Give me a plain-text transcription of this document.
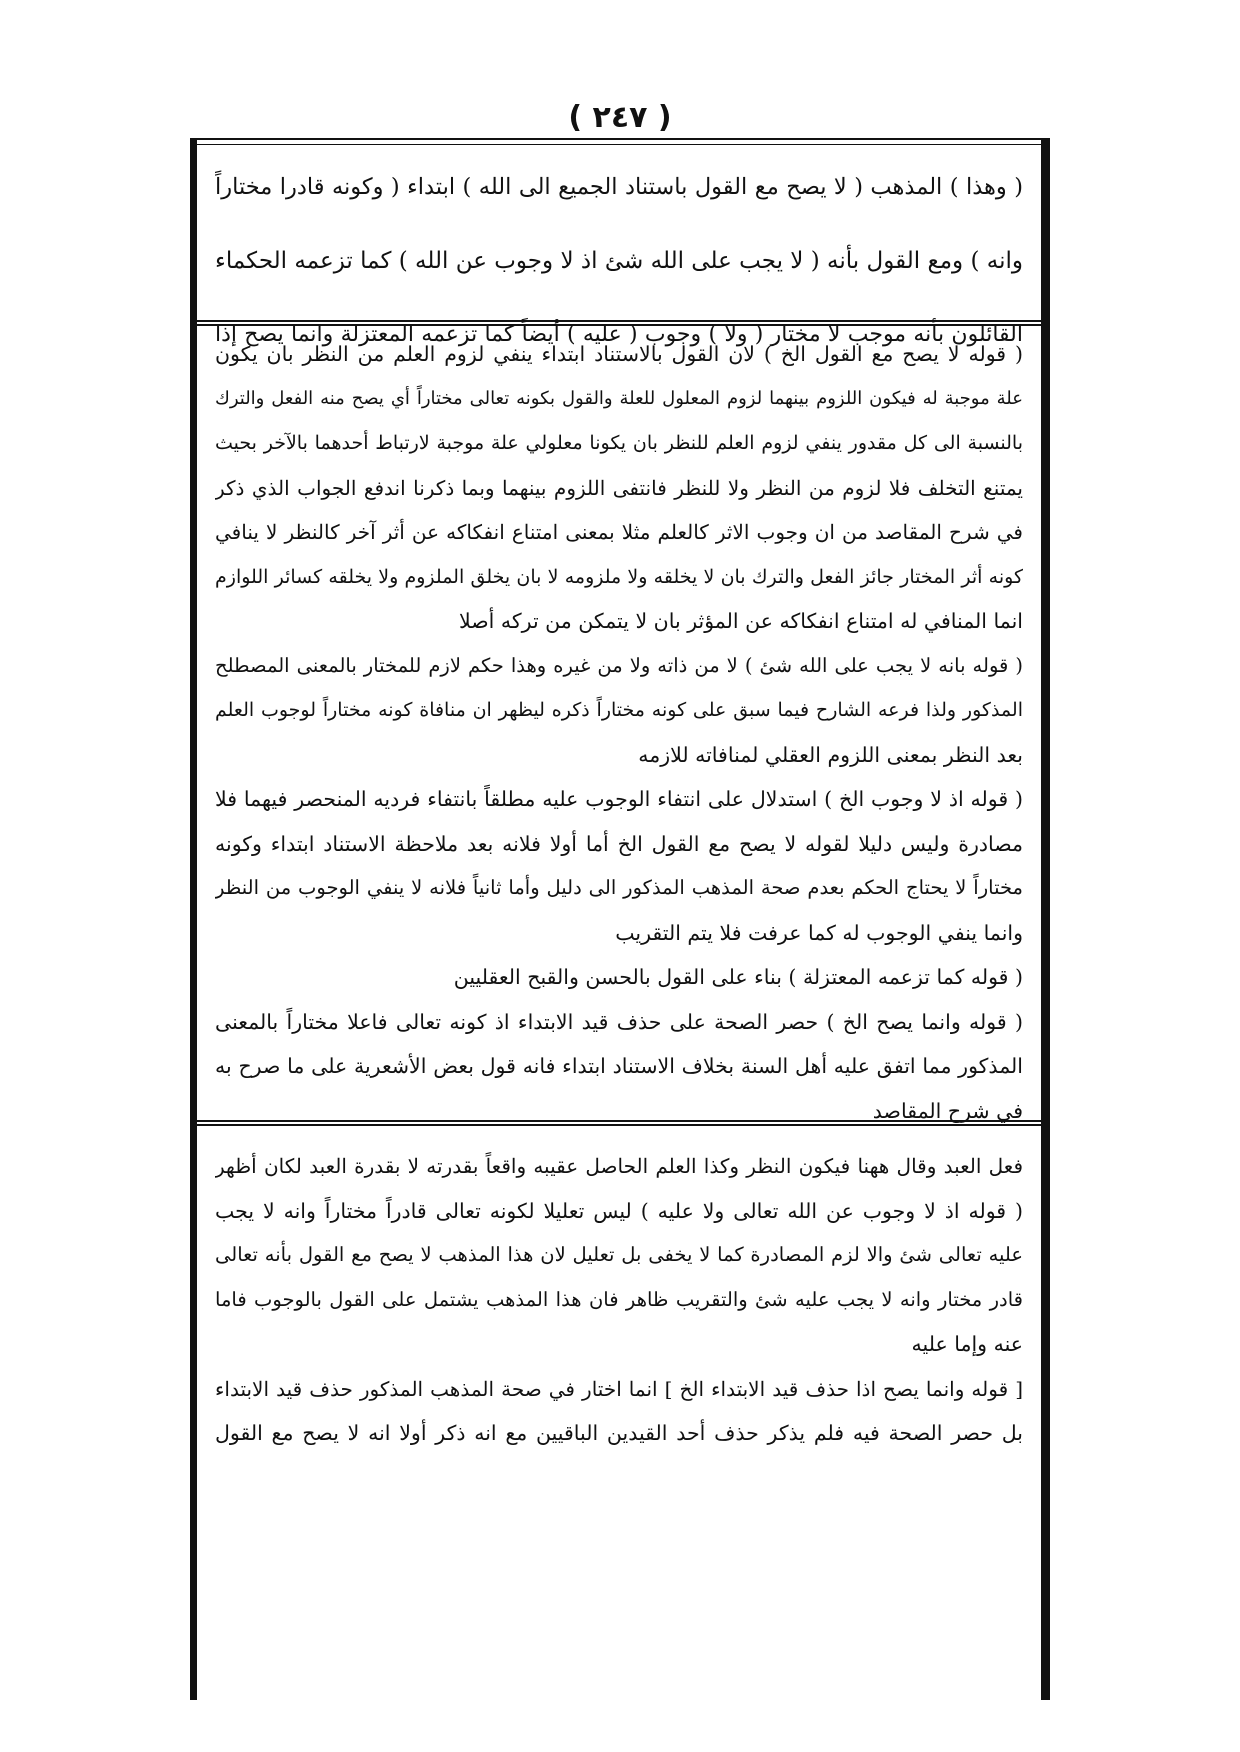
( ٢٤٧ )
( وهذا ) المذهب ( لا يصح مع القول باستناد الجميع الى الله ) ابتداء ( وكونه قادرا مختاراً
وانه ) ومع القول بأنه ( لا يجب على الله شئ اذ لا وجوب عن الله ) كما تزعمه الحكماء
القائلون بأنه موجب لا مختار ( ولا ) وجوب ( عليه ) أيضاً كما تزعمه المعتزلة وانما يصح إذا
( قوله لا يصح مع القول الخ ) لان القول بالاستناد ابتداء ينفي لزوم العلم من النظر بان يكون
علة موجبة له فيكون اللزوم بينهما لزوم المعلول للعلة والقول بكونه تعالى مختاراً أي يصح منه الفعل والترك
بالنسبة الى كل مقدور ينفي لزوم العلم للنظر بان يكونا معلولي علة موجبة لارتباط أحدهما بالآخر بحيث
يمتنع التخلف فلا لزوم من النظر ولا للنظر فانتفى اللزوم بينهما وبما ذكرنا اندفع الجواب الذي ذكر
في شرح المقاصد من ان وجوب الاثر كالعلم مثلا بمعنى امتناع انفكاكه عن أثر آخر كالنظر لا ينافي
كونه أثر المختار جائز الفعل والترك بان لا يخلقه ولا ملزومه لا بان يخلق الملزوم ولا يخلقه كسائر اللوازم
انما المنافي له امتناع انفكاكه عن المؤثر بان لا يتمكن من تركه أصلا
( قوله بانه لا يجب على الله شئ ) لا من ذاته ولا من غيره وهذا حكم لازم للمختار بالمعنى المصطلح
المذكور ولذا فرعه الشارح فيما سبق على كونه مختاراً ذكره ليظهر ان منافاة كونه مختاراً لوجوب العلم
بعد النظر بمعنى اللزوم العقلي لمنافاته للازمه
( قوله اذ لا وجوب الخ ) استدلال على انتفاء الوجوب عليه مطلقاً بانتفاء فرديه المنحصر فيهما فلا
مصادرة وليس دليلا لقوله لا يصح مع القول الخ أما أولا فلانه بعد ملاحظة الاستناد ابتداء وكونه
مختاراً لا يحتاج الحكم بعدم صحة المذهب المذكور الى دليل وأما ثانياً فلانه لا ينفي الوجوب من النظر
وانما ينفي الوجوب له كما عرفت فلا يتم التقريب
( قوله كما تزعمه المعتزلة ) بناء على القول بالحسن والقبح العقليين
( قوله وانما يصح الخ ) حصر الصحة على حذف قيد الابتداء اذ كونه تعالى فاعلا مختاراً بالمعنى
المذكور مما اتفق عليه أهل السنة بخلاف الاستناد ابتداء فانه قول بعض الأشعرية على ما صرح به
في شرح المقاصد
فعل العبد وقال ههنا فيكون النظر وكذا العلم الحاصل عقيبه واقعاً بقدرته لا بقدرة العبد لكان أظهر
( قوله اذ لا وجوب عن الله تعالى ولا عليه ) ليس تعليلا لكونه تعالى قادراً مختاراً وانه لا يجب
عليه تعالى شئ والا لزم المصادرة كما لا يخفى بل تعليل لان هذا المذهب لا يصح مع القول بأنه تعالى
قادر مختار وانه لا يجب عليه شئ والتقريب ظاهر فان هذا المذهب يشتمل على القول بالوجوب فاما
عنه وإما عليه
[ قوله وانما يصح اذا حذف قيد الابتداء الخ ] انما اختار في صحة المذهب المذكور حذف قيد الابتداء
بل حصر الصحة فيه فلم يذكر حذف أحد القيدين الباقيين مع انه ذكر أولا انه لا يصح مع القول
